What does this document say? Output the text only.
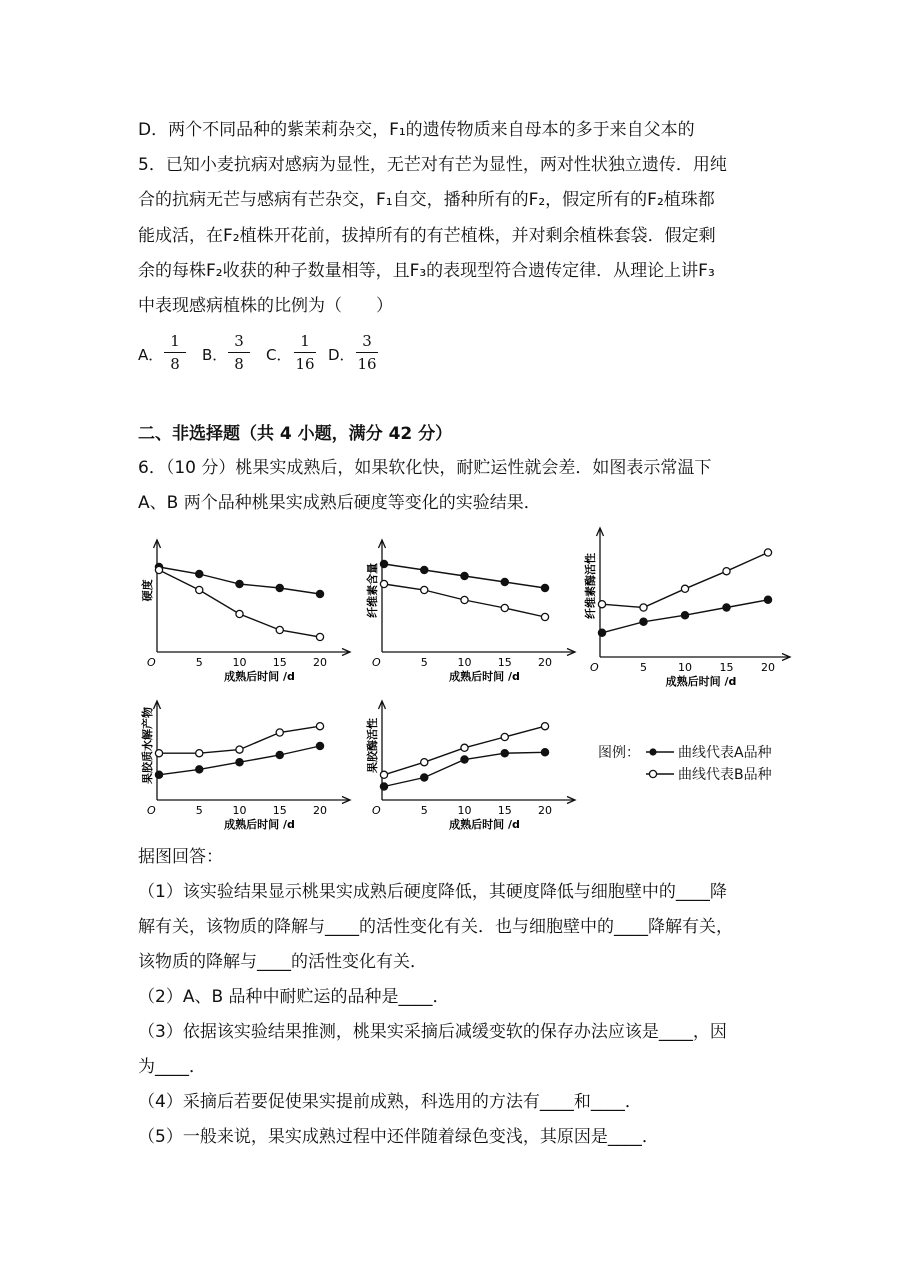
D．两个不同品种的紫茉莉杂交，F₁的遗传物质来自母本的多于来自父本的
5．已知小麦抗病对感病为显性，无芒对有芒为显性，两对性状独立遗传．用纯
合的抗病无芒与感病有芒杂交，F₁自交，播种所有的F₂，假定所有的F₂植珠都
能成活，在F₂植株开花前，拔掉所有的有芒植株，并对剩余植株套袋．假定剩
余的每株F₂收获的种子数量相等，且F₃的表现型符合遗传定律．从理论上讲F₃
中表现感病植株的比例为（　　）
A．
1
8	B．
3
8	C．
1
16 D．
3
16
二、非选择题（共 4 小题，满分 42 分）
6．（10 分）桃果实成熟后，如果软化快，耐贮运性就会差．如图表示常温下
A、B 两个品种桃果实成熟后硬度等变化的实验结果．
O	5	10 15 20
成熟后时间 /d
硬度
O	5	10 15 20
成熟后时间 /d
纤维素含量
O	5	10	15	20
成熟后时间 /d
纤维素酶活性
O	5	10 15 20
成熟后时间 /d
果胶质水解产物
O	5	10 15 20
成熟后时间 /d
果胶酶活性	图例：	曲线代表A品种
曲线代表B品种
据图回答：
（1）该实验结果显示桃果实成熟后硬度降低，其硬度降低与细胞壁中的____降
解有关，该物质的降解与____的活性变化有关．也与细胞壁中的____降解有关，
该物质的降解与____的活性变化有关．
（2）A、B 品种中耐贮运的品种是____．
（3）依据该实验结果推测，桃果实采摘后减缓变软的保存办法应该是____，因
为____．
（4）采摘后若要促使果实提前成熟，科选用的方法有____和____．
（5）一般来说，果实成熟过程中还伴随着绿色变浅，其原因是____．
